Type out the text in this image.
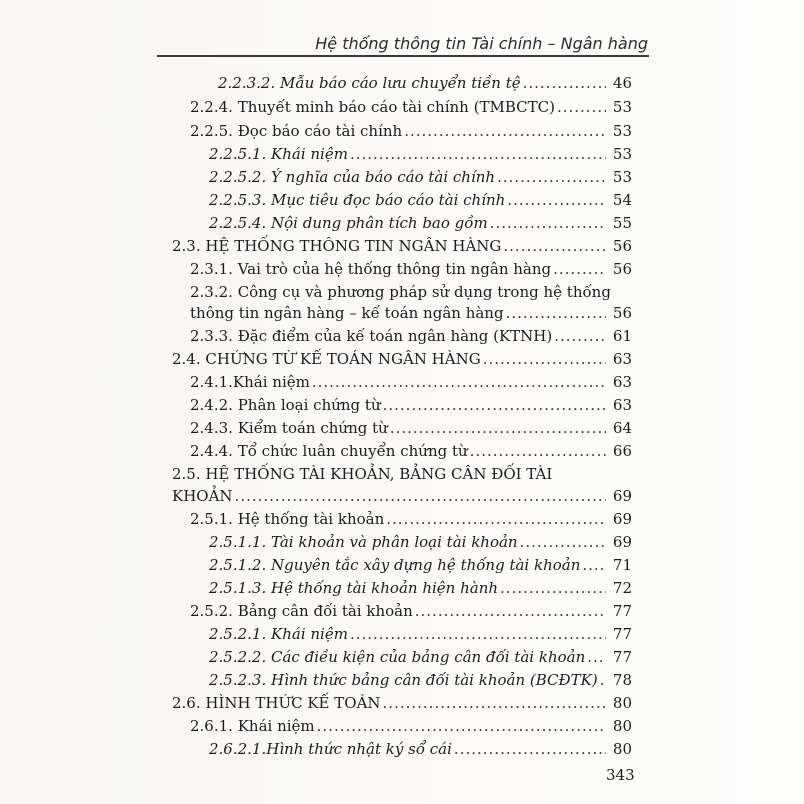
Hệ thống thông tin Tài chính – Ngân hàng
2.2.3.2. Mẫu báo cáo lưu chuyển tiền tệ .....	46
2.2.4. Thuyết minh báo cáo tài chính (TMBCTC) .....	53
2.2.5. Đọc báo cáo tài chính .....	53
2.2.5.1. Khái niệm .....	53
2.2.5.2. Ý nghĩa của báo cáo tài chính .....	53
2.2.5.3. Mục tiêu đọc báo cáo tài chính .....	54
2.2.5.4. Nội dung phân tích bao gồm .....	55
2.3. HỆ THỐNG THÔNG TIN NGÂN HÀNG .....	56
2.3.1. Vai trò của hệ thống thông tin ngân hàng .....	56
2.3.2. Công cụ và phương pháp sử dụng trong hệ thống
thông tin ngân hàng – kế toán ngân hàng .....	56
2.3.3. Đặc điểm của kế toán ngân hàng (KTNH) .....	61
2.4. CHỨNG TỪ KẾ TOÁN NGÂN HÀNG .....	63
2.4.1.Khái niệm .....	63
2.4.2. Phân loại chứng từ .....	63
2.4.3. Kiểm toán chứng từ .....	64
2.4.4. Tổ chức luân chuyển chứng từ .....	66
2.5. HỆ THỐNG TÀI KHOẢN, BẢNG CÂN ĐỐI TÀI
KHOẢN .....	69
2.5.1. Hệ thống tài khoản .....	69
2.5.1.1. Tài khoản và phân loại tài khoản .....	69
2.5.1.2. Nguyên tắc xây dựng hệ thống tài khoản ..... 71
2.5.1.3. Hệ thống tài khoản hiện hành .....	72
2.5.2. Bảng cân đối tài khoản .....	77
2.5.2.1. Khái niệm .....	77
2.5.2.2. Các điều kiện của bảng cân đối tài khoản ..... 77
2.5.2.3. Hình thức bảng cân đối tài khoản (BCĐTK) ..... 78
2.6. HÌNH THỨC KẾ TOÁN .....	80
2.6.1. Khái niệm .....	80
2.6.2.1.Hình thức nhật ký sổ cái .....	80
343
